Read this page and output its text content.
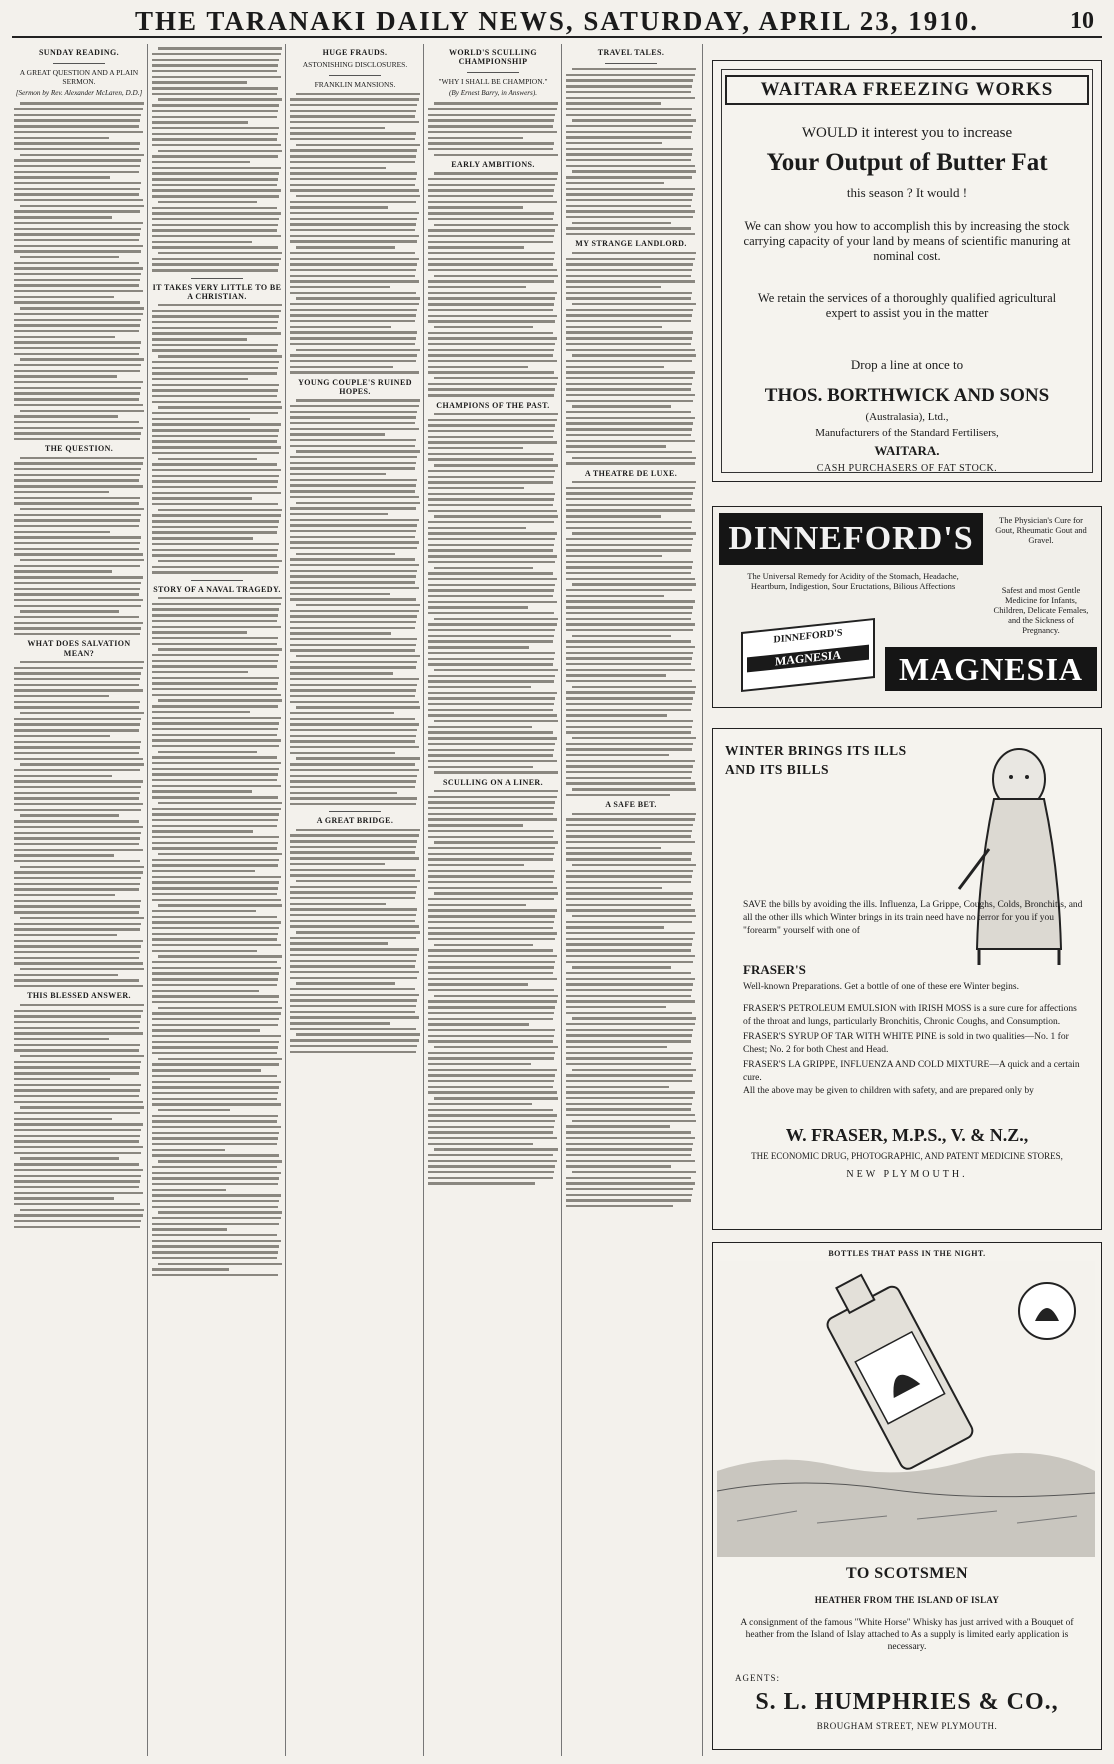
THE TARANAKI DAILY NEWS, SATURDAY, APRIL 23, 1910.	10
SUNDAY READING.
A GREAT QUESTION AND A PLAIN SERMON.
[Sermon by Rev. Alexander McLaren, D.D.]
THE QUESTION.
WHAT DOES SALVATION MEAN?
THIS BLESSED ANSWER.
IT TAKES VERY LITTLE TO BE A CHRISTIAN.
STORY OF A NAVAL TRAGEDY.
HUGE FRAUDS.
ASTONISHING DISCLOSURES.
FRANKLIN MANSIONS.
YOUNG COUPLE'S RUINED HOPES.
A GREAT BRIDGE.
WORLD'S SCULLING CHAMPIONSHIP
"WHY I SHALL BE CHAMPION."
(By Ernest Barry, in Answers).
EARLY AMBITIONS.
CHAMPIONS OF THE PAST.
SCULLING ON A LINER.
TRAVEL TALES.
MY STRANGE LANDLORD.
A THEATRE DE LUXE.
A SAFE BET.
WAITARA FREEZING WORKS
WOULD it interest you to increase
Your Output of Butter Fat
this season ? It would !
We can show you how to accomplish this by increasing the stock carrying capacity of your land by means of scientific manuring at nominal cost.
We retain the services of a thoroughly qualified agricultural expert to assist you in the matter
Drop a line at once to
THOS. BORTHWICK AND SONS
(Australasia), Ltd.,
Manufacturers of the Standard Fertilisers,
WAITARA.
CASH PURCHASERS OF FAT STOCK.
DINNEFORD'S	The Physician's Cure for Gout, Rheumatic Gout and Gravel.
The Universal Remedy for Acidity of the Stomach, Headache, Heartburn, Indigestion, Sour Eructations, Bilious Affections	Safest and most Gentle Medicine for Infants, Children, Delicate Females, and the Sickness of Pregnancy.
DINNEFORD'S
MAGNESIA	MAGNESIA
WINTER BRINGS ITS ILLS AND ITS BILLS
SAVE the bills by avoiding the ills. Influenza, La Grippe, Coughs, Colds, Bronchitis, and all the other ills which Winter brings in its train need have no terror for you if you "forearm" yourself with one of
FRASER'S
Well-known Preparations. Get a bottle of one of these ere Winter begins.
FRASER'S PETROLEUM EMULSION with IRISH MOSS is a sure cure for affections of the throat and lungs, particularly Bronchitis, Chronic Coughs, and Consumption.
FRASER'S SYRUP OF TAR WITH WHITE PINE is sold in two qualities—No. 1 for Chest; No. 2 for both Chest and Head.
FRASER'S LA GRIPPE, INFLUENZA AND COLD MIXTURE—A quick and a certain cure.
All the above may be given to children with safety, and are prepared only by
W. FRASER, M.P.S., V. & N.Z.,
THE ECONOMIC DRUG, PHOTOGRAPHIC, AND PATENT MEDICINE STORES,
NEW PLYMOUTH.
BOTTLES THAT PASS IN THE NIGHT.
TO SCOTSMEN
HEATHER FROM THE ISLAND OF ISLAY
A consignment of the famous "White Horse" Whisky has just arrived with a Bouquet of heather from the Island of Islay attached to As a supply is limited early application is necessary.
AGENTS:
S. L. HUMPHRIES & CO.,
BROUGHAM STREET, NEW PLYMOUTH.
